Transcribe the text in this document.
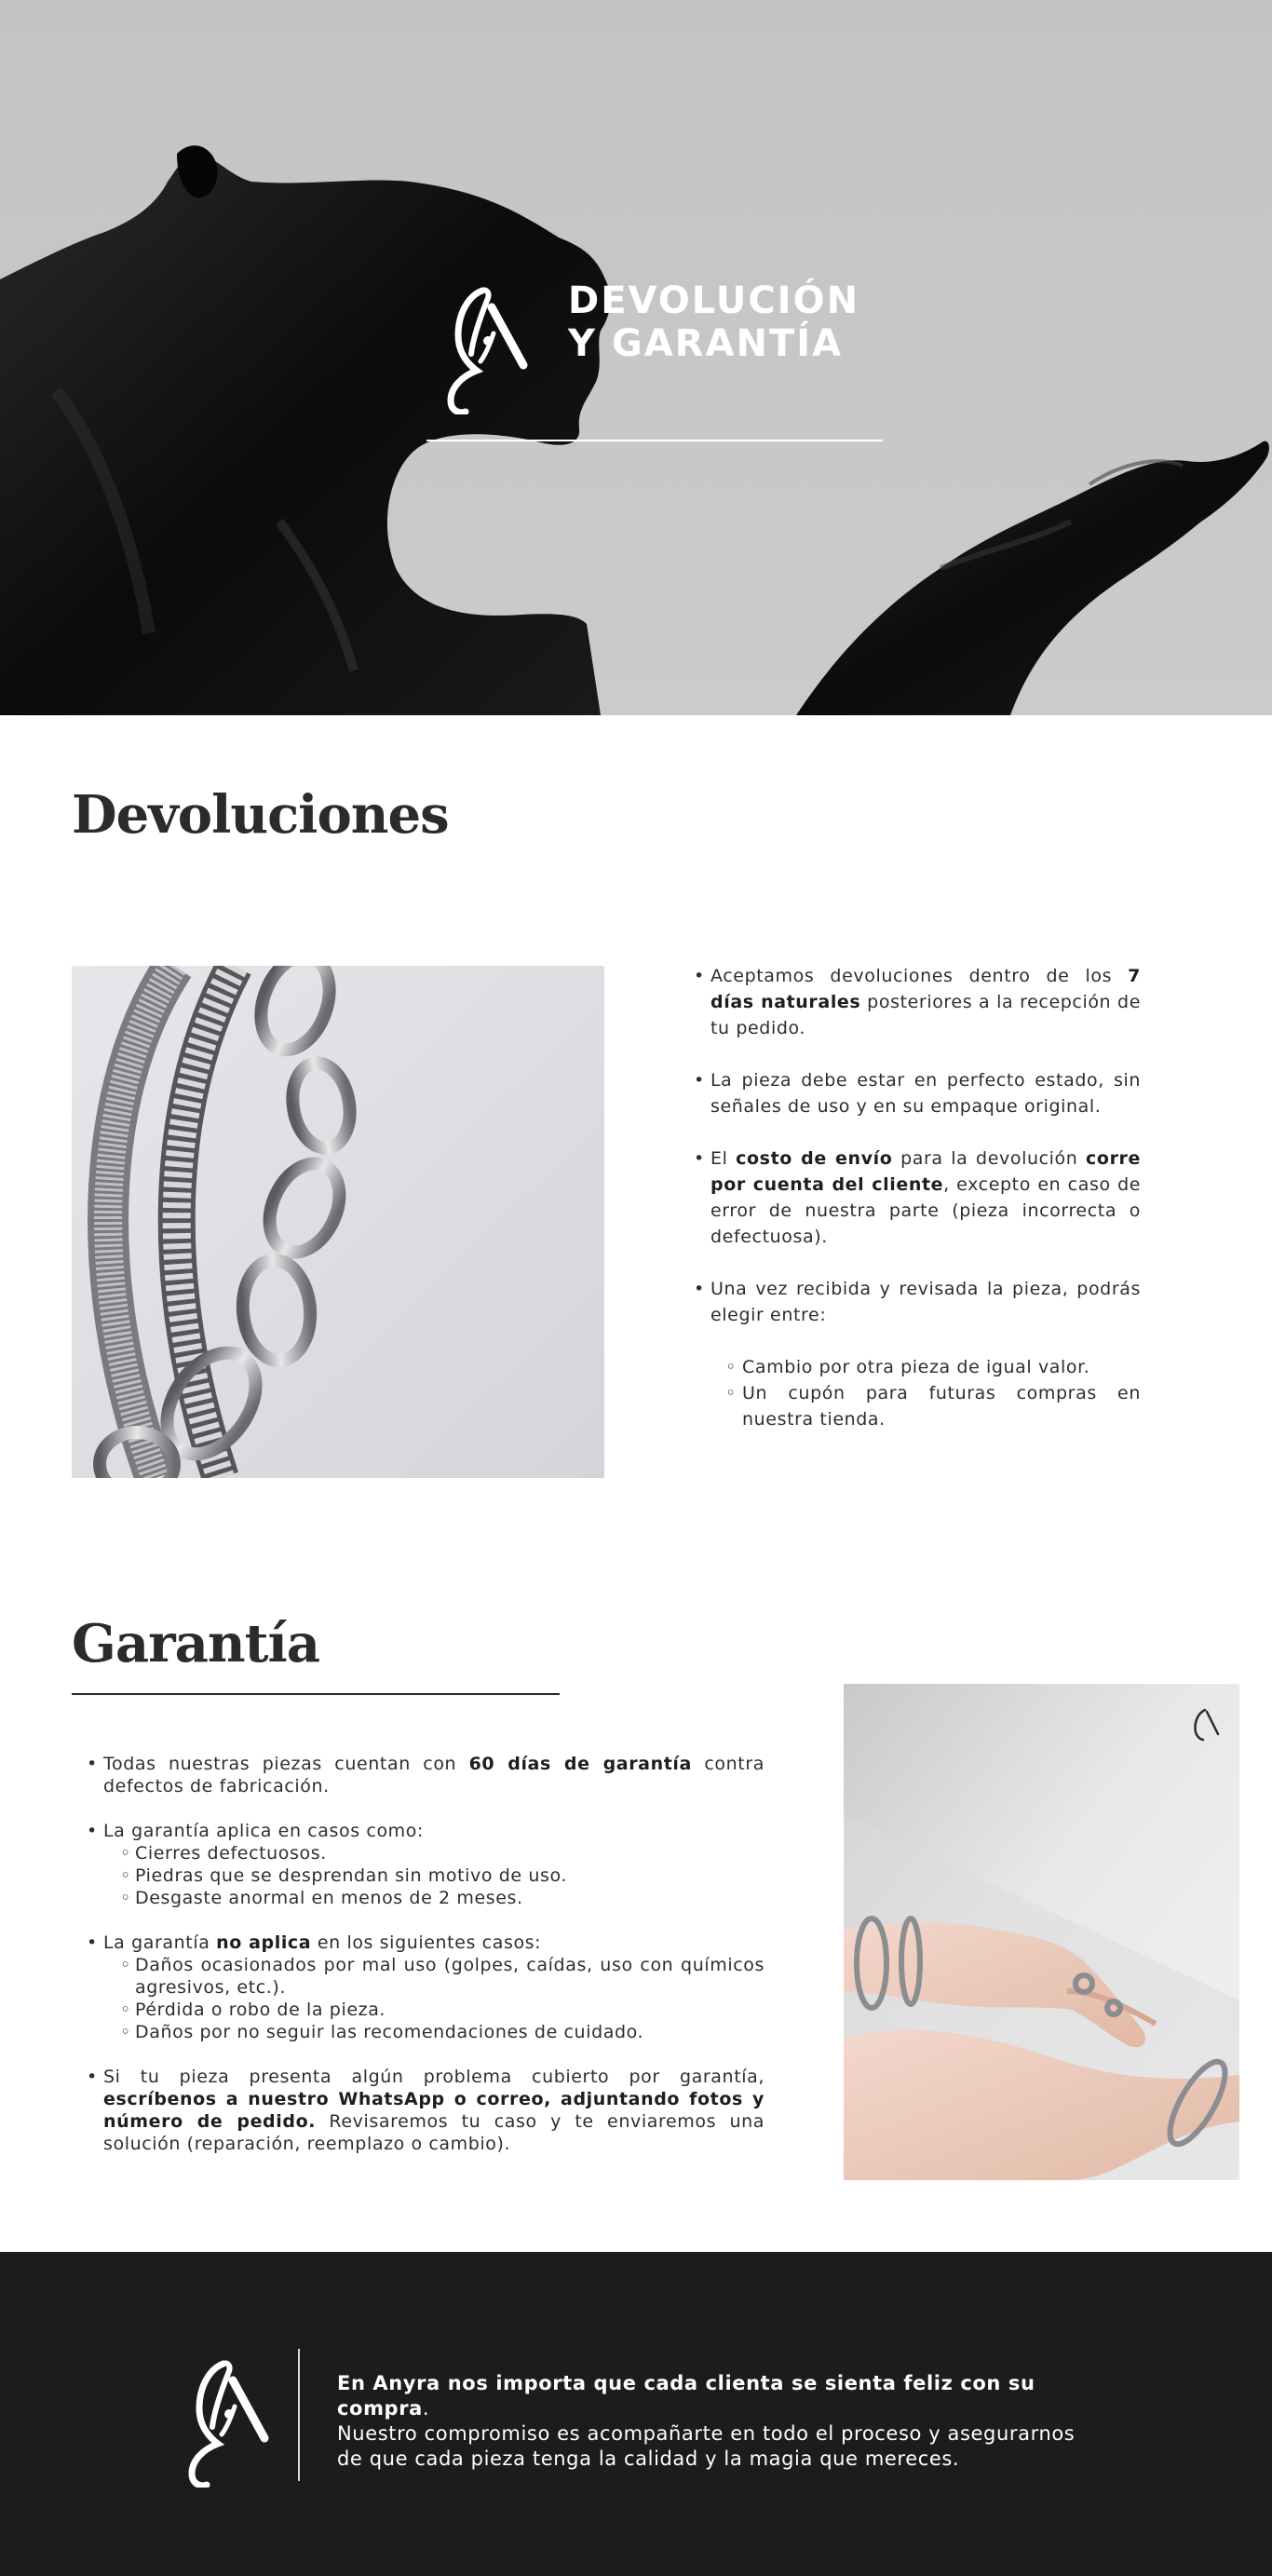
DEVOLUCIÓN
Y GARANTÍA
Devoluciones
• Aceptamos devoluciones dentro de los 7 días naturales posteriores a la recepción de tu pedido.
• La pieza debe estar en perfecto estado, sin señales de uso y en su empaque original.
• El costo de envío para la devolución corre por cuenta del cliente, excepto en caso de error de nuestra parte (pieza incorrecta o defectuosa).
• Una vez recibida y revisada la pieza, podrás elegir entre:
◦ Cambio por otra pieza de igual valor.
◦ Un cupón para futuras compras en nuestra tienda.
Garantía
• Todas nuestras piezas cuentan con 60 días de garantía contra defectos de fabricación.
• La garantía aplica en casos como:
◦ Cierres defectuosos.
◦ Piedras que se desprendan sin motivo de uso.
◦ Desgaste anormal en menos de 2 meses.
• La garantía no aplica en los siguientes casos:
◦ Daños ocasionados por mal uso (golpes, caídas, uso con químicos agresivos, etc.).
◦ Pérdida o robo de la pieza.
◦ Daños por no seguir las recomendaciones de cuidado.
• Si tu pieza presenta algún problema cubierto por garantía, escríbenos a nuestro WhatsApp o correo, adjuntando fotos y número de pedido. Revisaremos tu caso y te enviaremos una solución (reparación, reemplazo o cambio).
En Anyra nos importa que cada clienta se sienta feliz con su compra.
Nuestro compromiso es acompañarte en todo el proceso y asegurarnos de que cada pieza tenga la calidad y la magia que mereces.
